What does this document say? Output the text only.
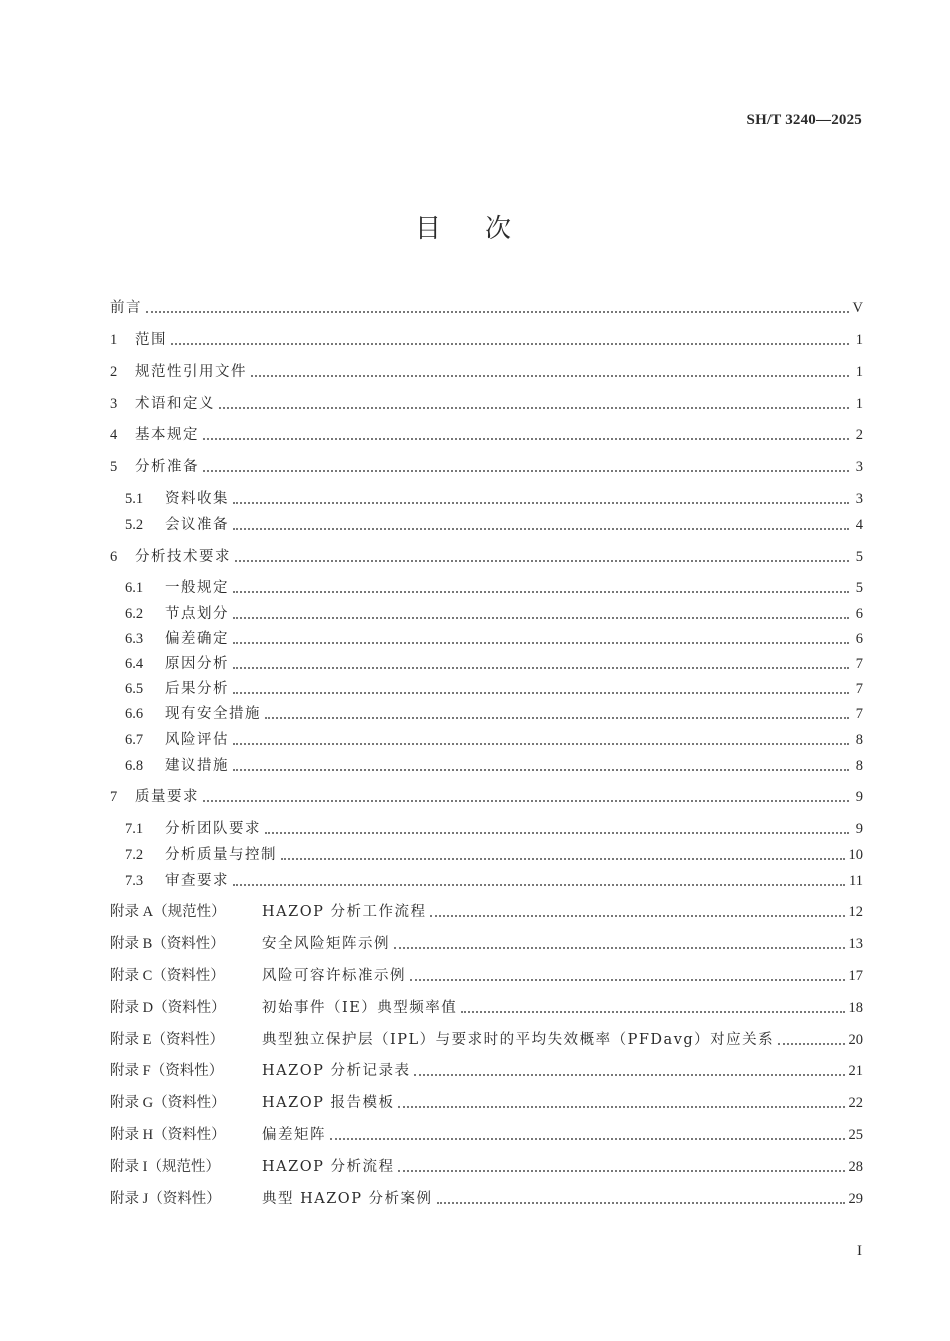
SH/T 3240—2025
目次
前言	V
1	范围	1
2	规范性引用文件	1
3	术语和定义	1
4	基本规定	2
5	分析准备	3
5.1	资料收集	3
5.2	会议准备	4
6	分析技术要求	5
6.1	一般规定	5
6.2	节点划分	6
6.3	偏差确定	6
6.4	原因分析	7
6.5	后果分析	7
6.6	现有安全措施	7
6.7	风险评估	8
6.8	建议措施	8
7	质量要求	9
7.1	分析团队要求	9
7.2	分析质量与控制	10
7.3	审查要求	11
附录 A（规范性）	HAZOP 分析工作流程	12
附录 B（资料性）	安全风险矩阵示例	13
附录 C（资料性）	风险可容许标准示例	17
附录 D（资料性）	初始事件（IE）典型频率值	18
附录 E（资料性）	典型独立保护层（IPL）与要求时的平均失效概率（PFDavg）对应关系	20
附录 F（资料性）	HAZOP 分析记录表	21
附录 G（资料性）	HAZOP 报告模板	22
附录 H（资料性）	偏差矩阵	25
附录 I（规范性）	HAZOP 分析流程	28
附录 J（资料性）	典型 HAZOP 分析案例	29
I
